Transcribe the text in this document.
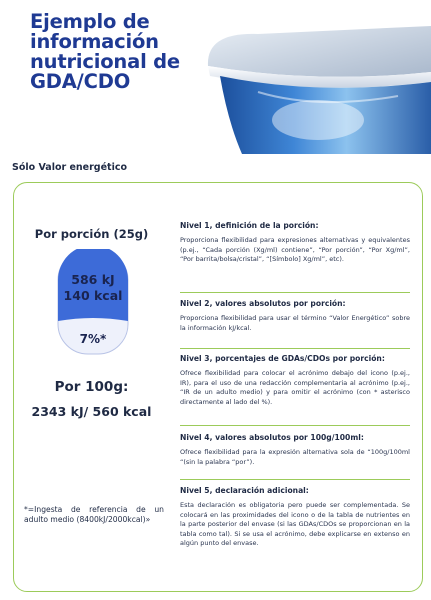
Ejemplo de
información
nutricional de
GDA/CDO
Sólo Valor energético
Por porción (25g)
586 kJ
140 kcal
7%*
Por 100g:
2343 kJ/ 560 kcal
*=Ingesta de referencia de un adulto medio (8400kJ/2000kcal)»
Nivel 1, definición de la porción:

Proporciona flexibilidad para expresiones alternativas y equivalentes (p.ej., “Cada porción (Xg/ml) contiene”, “Por porción”, “Por Xg/ml”, “Por barrita/bolsa/cristal”, “[Símbolo] Xg/ml”, etc).

Nivel 2, valores absolutos por porción:

Proporciona flexibilidad para usar el término “Valor Energético” sobre la información kJ/kcal.

Nivel 3, porcentajes de GDAs/CDOs por porción:

Ofrece flexibilidad para colocar el acrónimo debajo del icono (p.ej., IR), para el uso de una redacción complementaria al acrónimo (p.ej., “IR de un adulto medio) y para omitir el acrónimo (con * asterisco directamente al lado del %).

Nivel 4, valores absolutos por 100g/100ml:

Ofrece flexibilidad para la expresión alternativa sola de “100g/100ml “(sin la palabra “por”).

Nivel 5, declaración adicional:

Esta declaración es obligatoria pero puede ser complementada. Se colocará en las proximidades del icono o de la tabla de nutrientes en la parte posterior del envase (si las GDAs/CDOs se proporcionan en la tabla como tal). Si se usa el acrónimo, debe explicarse en extenso en algún punto del envase.
